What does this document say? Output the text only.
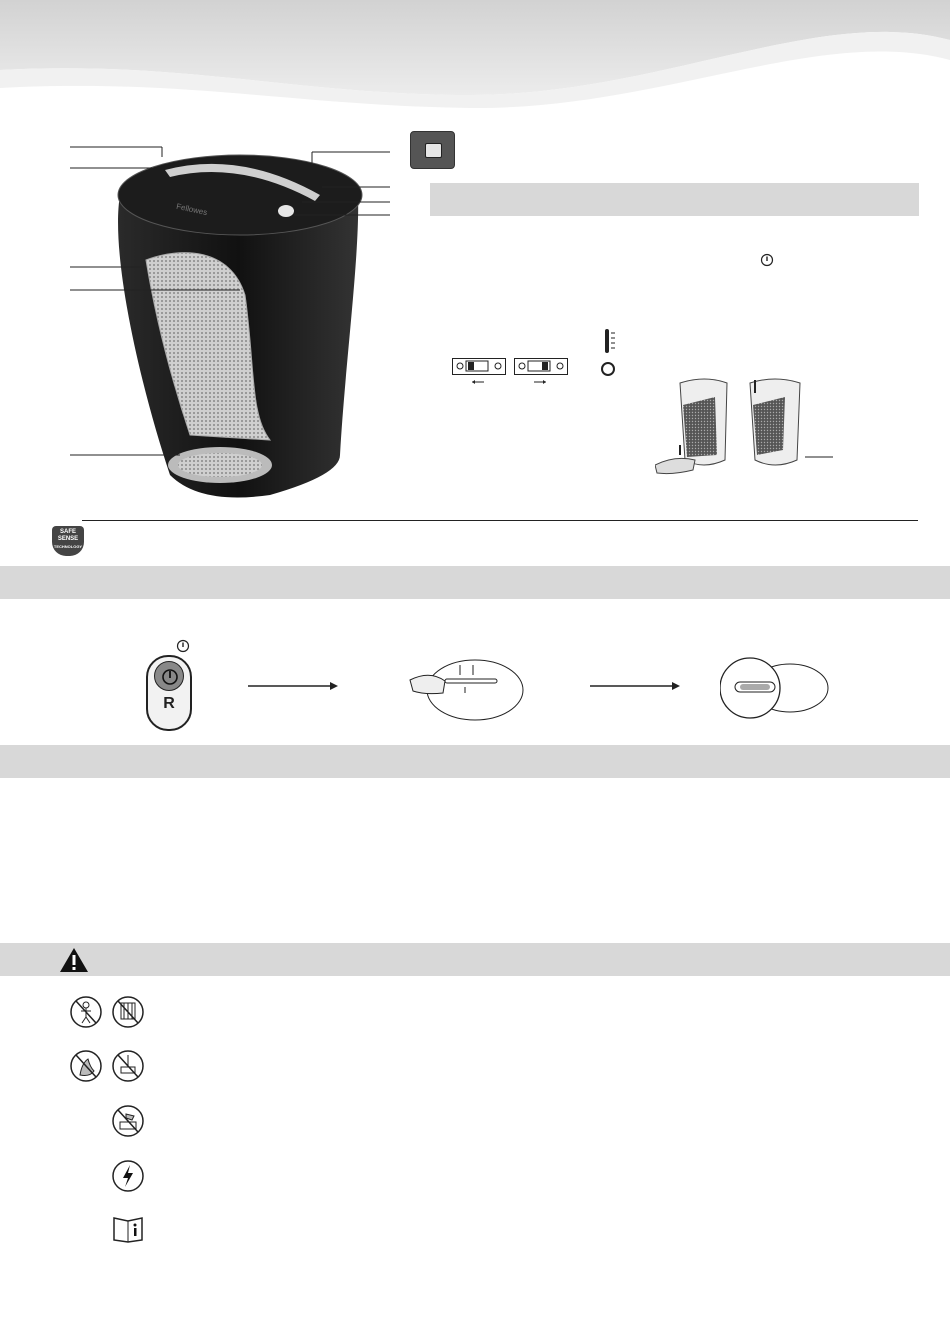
Fellowes
SAFE
SENSE
TECHNOLOGY
R
